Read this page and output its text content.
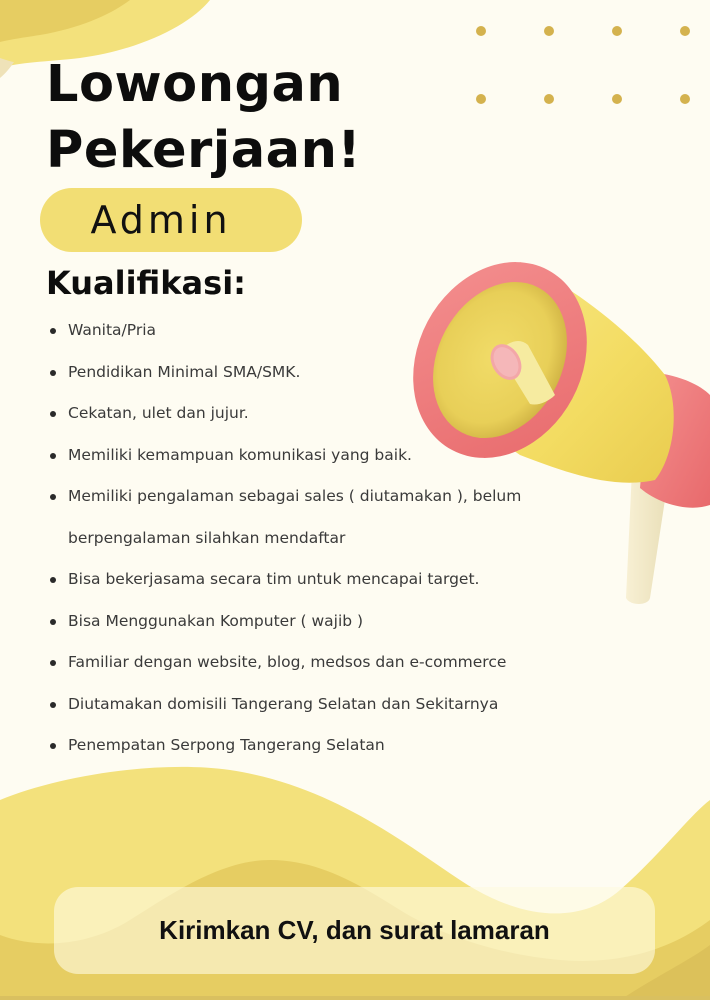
Lowongan
Pekerjaan!
Admin
Kualifikasi:
Wanita/Pria
Pendidikan Minimal SMA/SMK.
Cekatan, ulet dan jujur.
Memiliki kemampuan komunikasi yang baik.
Memiliki pengalaman sebagai sales ( diutamakan ), belum berpengalaman silahkan mendaftar
Bisa bekerjasama secara tim untuk mencapai target.
Bisa Menggunakan Komputer ( wajib )
Familiar dengan website, blog, medsos dan e-commerce
Diutamakan domisili Tangerang Selatan dan Sekitarnya
Penempatan Serpong Tangerang Selatan
Kirimkan CV, dan surat lamaran
